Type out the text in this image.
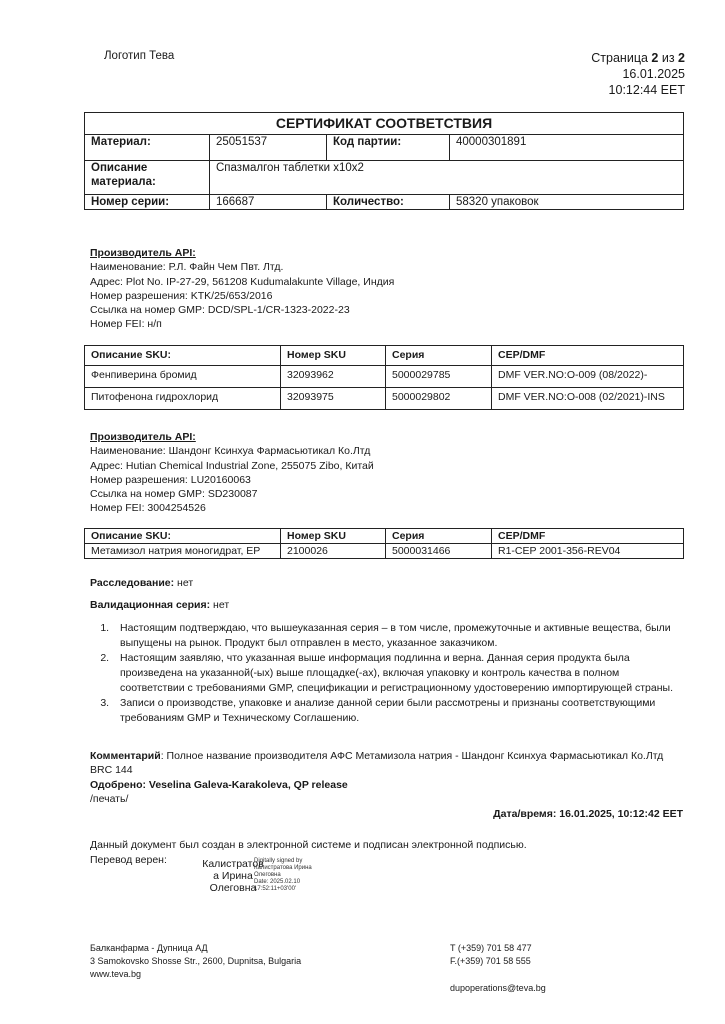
Логотип Тева	Страница 2 из 2
16.01.2025
10:12:44 EET
СЕРТИФИКАТ СООТВЕТСТВИЯ			
Материал:	25051537	Код партии:	40000301891
Описание материала:	Спазмалгон таблетки x10x2		
Номер серии:	166687	Количество:	58320 упаковок
Производитель API:
Наименование: Р.Л. Файн Чем Пвт. Лтд.
Адрес: Plot No. IP-27-29, 561208 Kudumalakunte Village, Индия
Номер разрешения: KTK/25/653/2016
Ссылка на номер GMP: DCD/SPL-1/CR-1323-2022-23
Номер FEI: н/п
Описание SKU:	Номер SKU	Серия	CEP/DMF
Фенпиверина бромид	32093962	5000029785	DMF VER.NO:O-009 (08/2022)-
Питофенона гидрохлорид	32093975	5000029802	DMF VER.NO:O-008 (02/2021)-INS
Производитель API:
Наименование: Шандонг Ксинхуа Фармасьютикал Ко.Лтд
Адрес: Hutian Chemical Industrial Zone, 255075 Zibo, Китай
Номер разрешения: LU20160063
Ссылка на номер GMP: SD230087
Номер FEI: 3004254526
Описание SKU:	Номер SKU	Серия	CEP/DMF
Метамизол натрия моногидрат, EP	2100026	5000031466	R1-CEP 2001-356-REV04
Расследование: нет
Валидационная серия: нет
1. Настоящим подтверждаю, что вышеуказанная серия – в том числе, промежуточные и активные вещества, были выпущены на рынок. Продукт был отправлен в место, указанное заказчиком.
2. Настоящим заявляю, что указанная выше информация подлинна и верна. Данная серия продукта была произведена на указанной(-ых) выше площадке(-ах), включая упаковку и контроль качества в полном соответствии с требованиями GMP, спецификации и регистрационному удостоверению импортирующей страны.
3. Записи о производстве, упаковке и анализе данной серии были рассмотрены и признаны соответствующими требованиям GMP и Техническому Соглашению.
Комментарий: Полное название производителя АФС Метамизола натрия - Шандонг Ксинхуа Фармасьютикал Ко.Лтд
BRC 144
Одобрено: Veselina Galeva-Karakoleva, QP release
/печать/
Дата/время: 16.01.2025, 10:12:42 EET
Данный документ был создан в электронной системе и подписан электронной подписью.
Перевод верен:	Калистратов
а Ирина
Олеговна
Digitally signed by
Калистратова Ирина
Олеговна
Date: 2025.02.10
17:52:11+03'00'
Балканфарма - Дупница АД
3 Samokovsko Shosse Str., 2600, Dupnitsa, Bulgaria
www.teva.bg
T (+359) 701 58 477
F.(+359) 701 58 555
dupoperations@teva.bg
